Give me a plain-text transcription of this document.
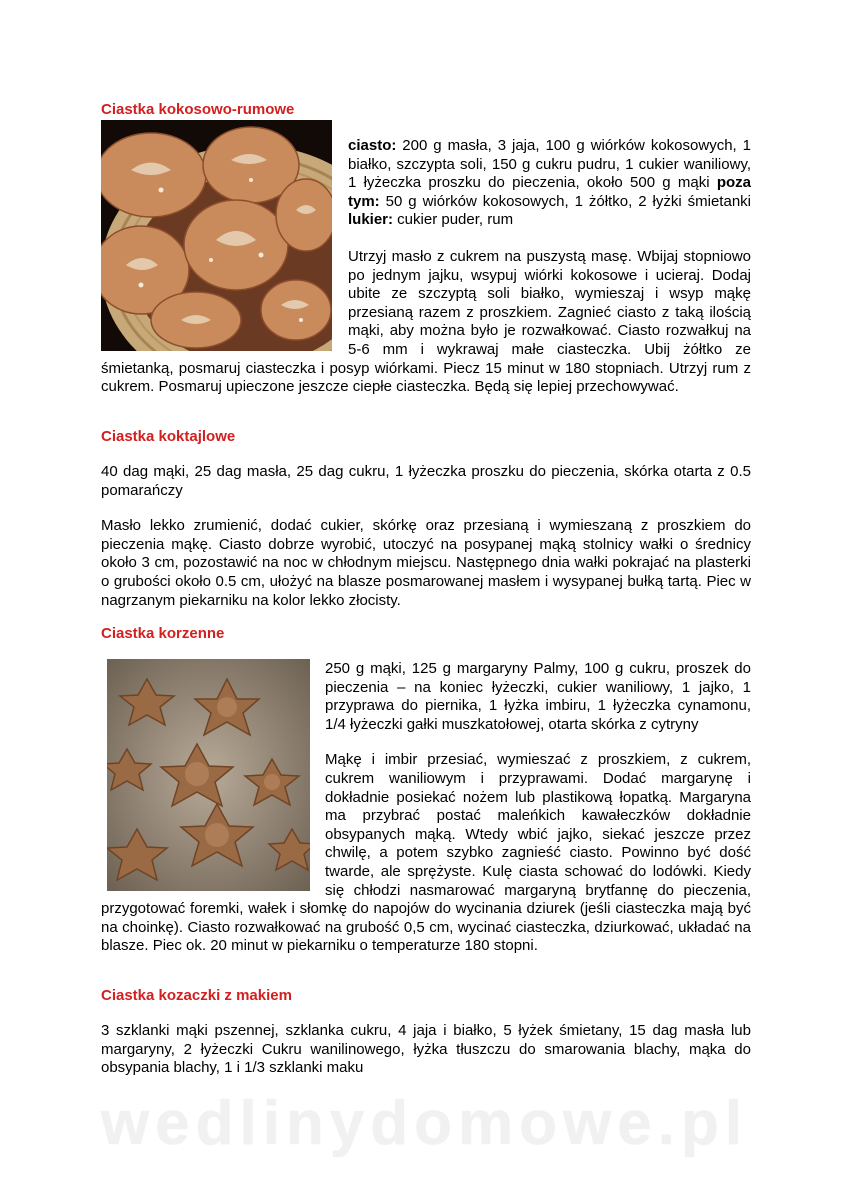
Ciastka kokosowo-rumowe

ciasto: 200 g masła, 3 jaja, 100 g wiórków kokosowych, 1 białko, szczypta soli, 150 g cukru pudru, 1 cukier waniliowy, 1 łyżeczka proszku do pieczenia, około 500 g mąki poza tym: 50 g wiórków kokosowych, 1 żółtko, 2 łyżki śmietanki lukier: cukier puder, rum

Utrzyj masło z cukrem na puszystą masę. Wbijaj stopniowo po jednym jajku, wsypuj wiórki kokosowe i ucieraj. Dodaj ubite ze szczyptą soli białko, wymieszaj i wsyp mąkę przesianą razem z proszkiem. Zagnieć ciasto z taką ilością mąki, aby można było je rozwałkować. Ciasto rozwałkuj na 5-6 mm i wykrawaj małe ciasteczka. Ubij żółtko ze śmietanką, posmaruj ciasteczka i posyp wiórkami. Piecz 15 minut w 180 stopniach. Utrzyj rum z cukrem. Posmaruj upieczone jeszcze ciepłe ciasteczka. Będą się lepiej przechowywać.

Ciastka koktajlowe

40 dag mąki, 25 dag masła, 25 dag cukru, 1 łyżeczka proszku do pieczenia, skórka otarta z 0.5 pomarańczy

Masło lekko zrumienić, dodać cukier, skórkę oraz przesianą i wymieszaną z proszkiem do pieczenia mąkę. Ciasto dobrze wyrobić, utoczyć na posypanej mąką stolnicy wałki o średnicy około 3 cm, pozostawić na noc w chłodnym miejscu. Następnego dnia wałki pokrajać na plasterki o grubości około 0.5 cm, ułożyć na blasze posmarowanej masłem i wysypanej bułką tartą. Piec w nagrzanym piekarniku na kolor lekko złocisty.

Ciastka korzenne

250 g mąki, 125 g margaryny Palmy, 100 g cukru, proszek do pieczenia – na koniec łyżeczki, cukier waniliowy, 1 jajko, 1 przyprawa do piernika, 1 łyżka imbiru, 1 łyżeczka cynamonu, 1/4 łyżeczki gałki muszkatołowej, otarta skórka z cytryny

Mąkę i imbir przesiać, wymieszać z proszkiem, z cukrem, cukrem waniliowym i przyprawami. Dodać margarynę i dokładnie posiekać nożem lub plastikową łopatką. Margaryna ma przybrać postać maleńkich kawałeczków dokładnie obsypanych mąką. Wtedy wbić jajko, siekać jeszcze przez chwilę, a potem szybko zagnieść ciasto. Powinno być dość twarde, ale sprężyste. Kulę ciasta schować do lodówki. Kiedy się chłodzi nasmarować margaryną brytfannę do pieczenia, przygotować foremki, wałek i słomkę do napojów do wycinania dziurek (jeśli ciasteczka mają być na choinkę). Ciasto rozwałkować na grubość 0,5 cm, wycinać ciasteczka, dziurkować, układać na blasze. Piec ok. 20 minut w piekarniku o temperaturze 180 stopni.

Ciastka kozaczki z makiem

3 szklanki mąki pszennej, szklanka cukru, 4 jaja i białko, 5 łyżek śmietany, 15 dag masła lub margaryny, 2 łyżeczki Cukru wanilinowego, łyżka tłuszczu do smarowania blachy, mąka do obsypania blachy, 1 i 1/3 szklanki maku

wedlinydomowe.pl
